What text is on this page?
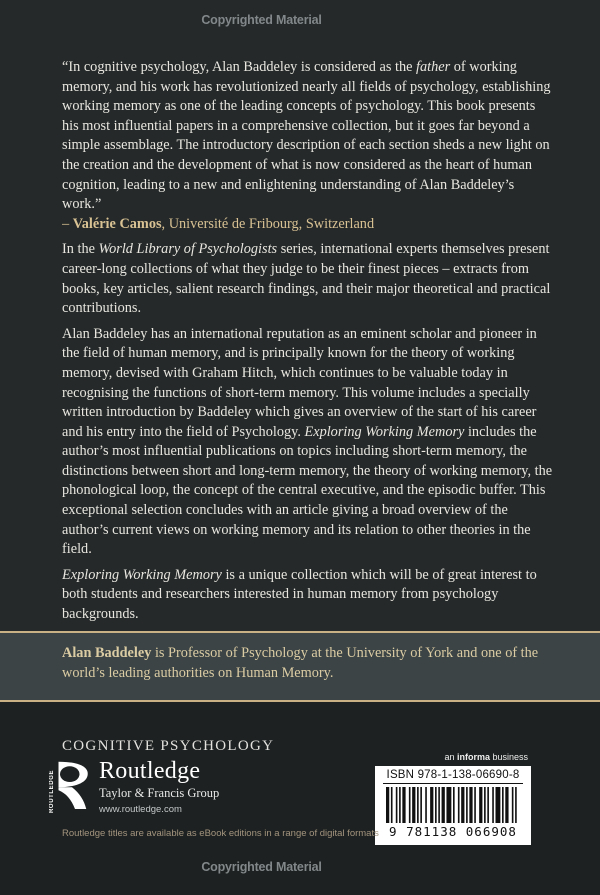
Copyrighted Material

“In cognitive psychology, Alan Baddeley is considered as the father of working memory, and his work has revolutionized nearly all fields of psychology, establishing working memory as one of the leading concepts of psychology. This book presents his most influential papers in a comprehensive collection, but it goes far beyond a simple assemblage. The introductory description of each section sheds a new light on the creation and the development of what is now considered as the heart of human cognition, leading to a new and enlightening understanding of Alan Baddeley’s work.”

– Valérie Camos, Université de Fribourg, Switzerland

In the World Library of Psychologists series, international experts themselves present career-long collections of what they judge to be their finest pieces – extracts from books, key articles, salient research findings, and their major theoretical and practical contributions.

Alan Baddeley has an international reputation as an eminent scholar and pioneer in the field of human memory, and is principally known for the theory of working memory, devised with Graham Hitch, which continues to be valuable today in recognising the functions of short-term memory. This volume includes a specially written introduction by Baddeley which gives an overview of the start of his career and his entry into the field of Psychology. Exploring Working Memory includes the author’s most influential publications on topics including short-term memory, the distinctions between short and long-term memory, the theory of working memory, the phonological loop, the concept of the central executive, and the episodic buffer. This exceptional selection concludes with an article giving a broad overview of the author’s current views on working memory and its relation to other theories in the field.

Exploring Working Memory is a unique collection which will be of great interest to both students and researchers interested in human memory from psychology backgrounds.

Alan Baddeley is Professor of Psychology at the University of York and one of the world’s leading authorities on Human Memory.

COGNITIVE PSYCHOLOGY
an informa business
ROUTLEDGE Routledge
Taylor & Francis Group
www.routledge.com
ISBN 978-1-138-06690-8
9 781138 066908
Routledge titles are available as eBook editions in a range of digital formats
Copyrighted Material
